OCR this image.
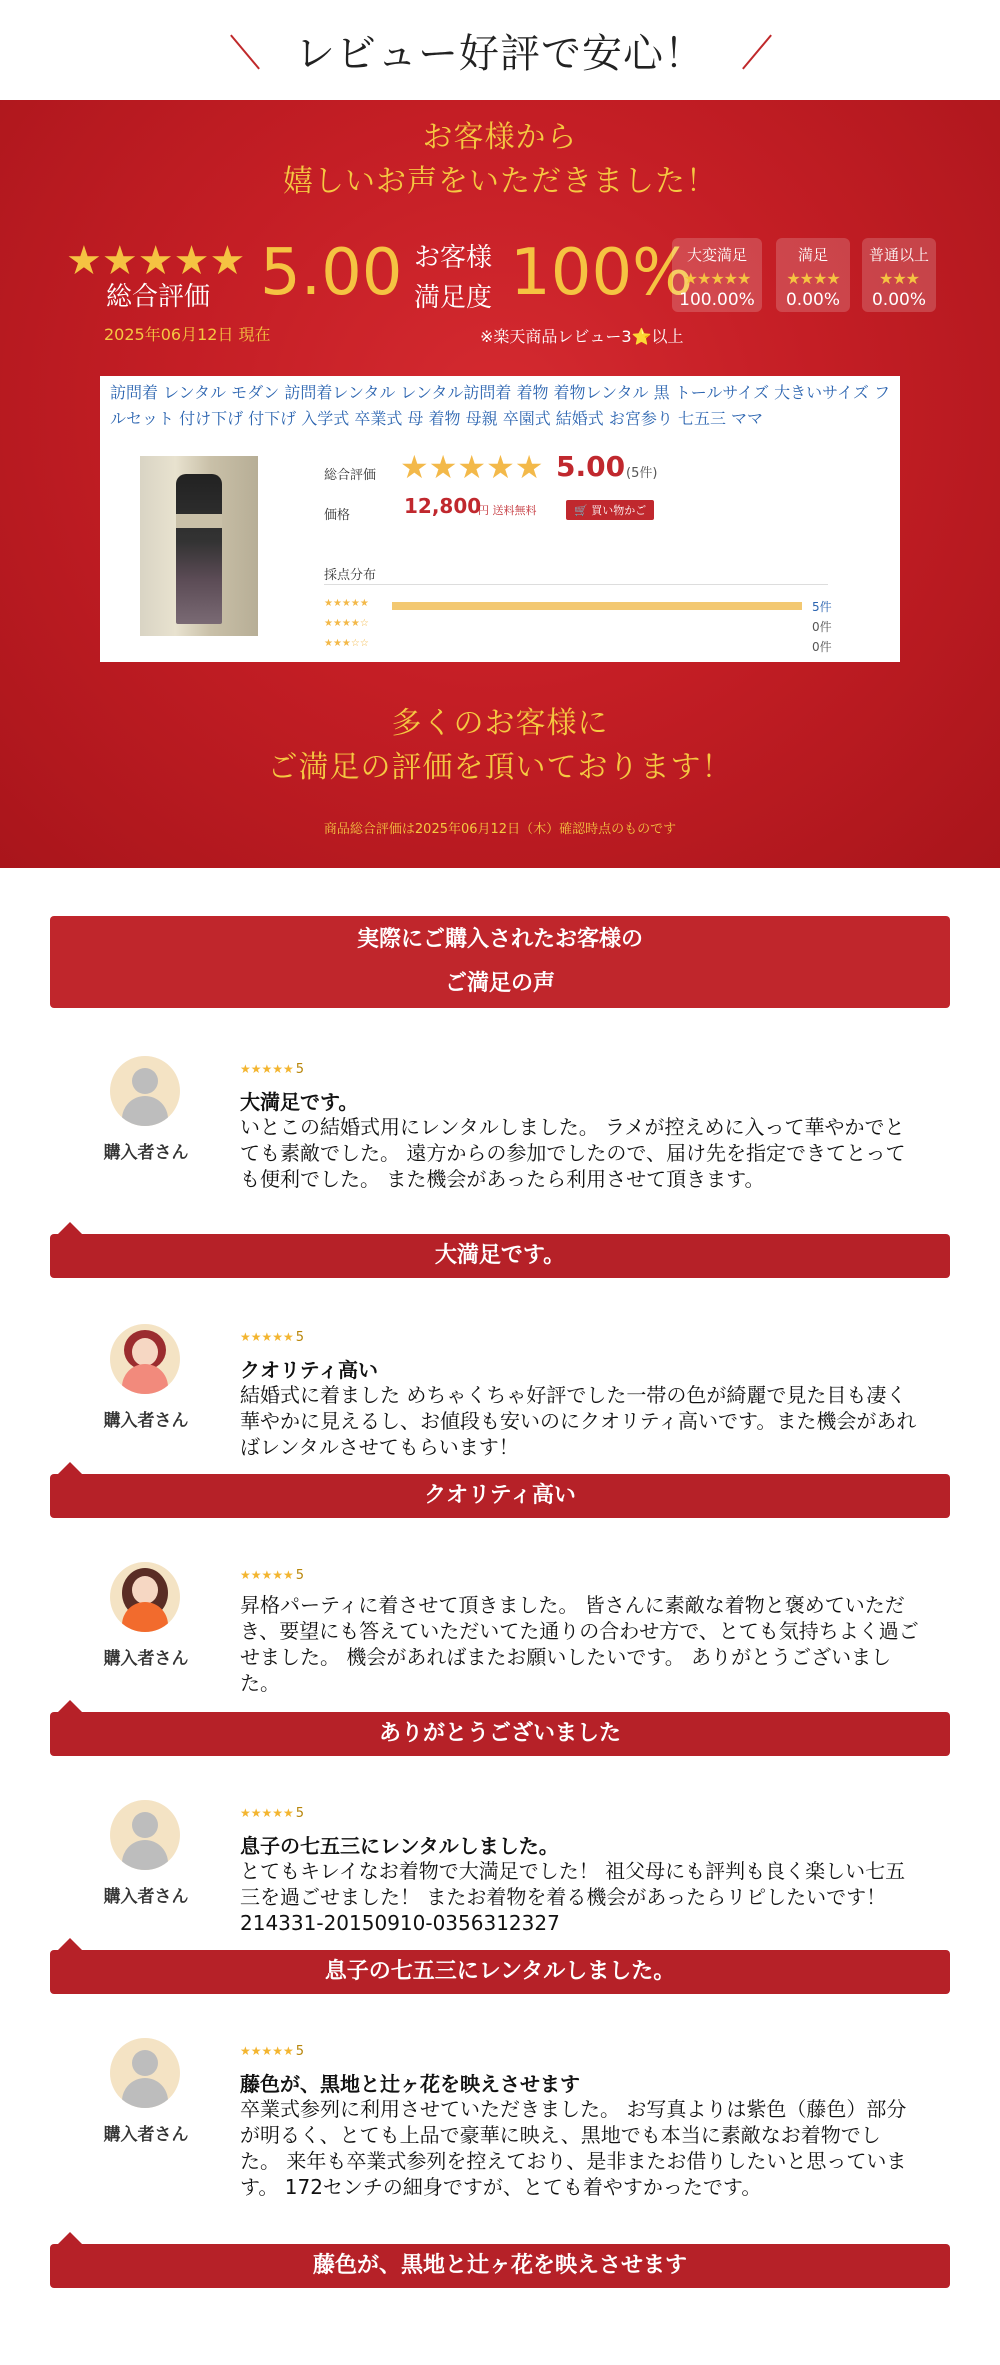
レビュー好評で安心！
お客様から
嬉しいお声をいただきました！
★★★★★
総合評価
2025年06月12日 現在
5.00 お客様満足度 100%
※楽天商品レビュー3⭐以上
大変満足
★★★★★
100.00%
満足
★★★★
0.00%
普通以上
★★★
0.00%
訪問着 レンタル モダン 訪問着レンタル レンタル訪問着 着物 着物レンタル 黒 トールサイズ 大きいサイズ フルセット 付け下げ 付下げ 入学式 卒業式 母 着物 母親 卒園式 結婚式 お宮参り 七五三 ママ
総合評価 ★★★★★ 5.00 (5件)
価格	12,800
円 送料無料	🛒 買い物かご
採点分布
★★★★★	5件
★★★★☆	0件
★★★☆☆	0件
多くのお客様に
ご満足の評価を頂いております！
商品総合評価は2025年06月12日（木）確認時点のものです
実際にご購入されたお客様の
ご満足の声
購入者さん
★★★★★ 5
大満足です。
いとこの結婚式用にレンタルしました。 ラメが控えめに入って華やかでとても素敵でした。 遠方からの参加でしたので、届け先を指定できてとっても便利でした。 また機会があったら利用させて頂きます。
大満足です。
購入者さん
★★★★★ 5
クオリティ高い
結婚式に着ました めちゃくちゃ好評でした一帯の色が綺麗で見た目も凄く華やかに見えるし、お値段も安いのにクオリティ高いです。また機会があればレンタルさせてもらいます！
クオリティ高い
購入者さん
★★★★★ 5
昇格パーティに着させて頂きました。 皆さんに素敵な着物と褒めていただき、要望にも答えていただいてた通りの合わせ方で、とても気持ちよく過ごせました。 機会があればまたお願いしたいです。 ありがとうございました。
ありがとうございました
購入者さん
★★★★★ 5
息子の七五三にレンタルしました。
とてもキレイなお着物で大満足でした！ 祖父母にも評判も良く楽しい七五三を過ごせました！ またお着物を着る機会があったらリピしたいです！ 214331-20150910-0356312327
息子の七五三にレンタルしました。
購入者さん
★★★★★ 5
藤色が、黒地と辻ヶ花を映えさせます
卒業式参列に利用させていただきました。 お写真よりは紫色（藤色）部分が明るく、とても上品で豪華に映え、黒地でも本当に素敵なお着物でした。 来年も卒業式参列を控えており、是非またお借りしたいと思っています。 172センチの細身ですが、とても着やすかったです。
藤色が、黒地と辻ヶ花を映えさせます
